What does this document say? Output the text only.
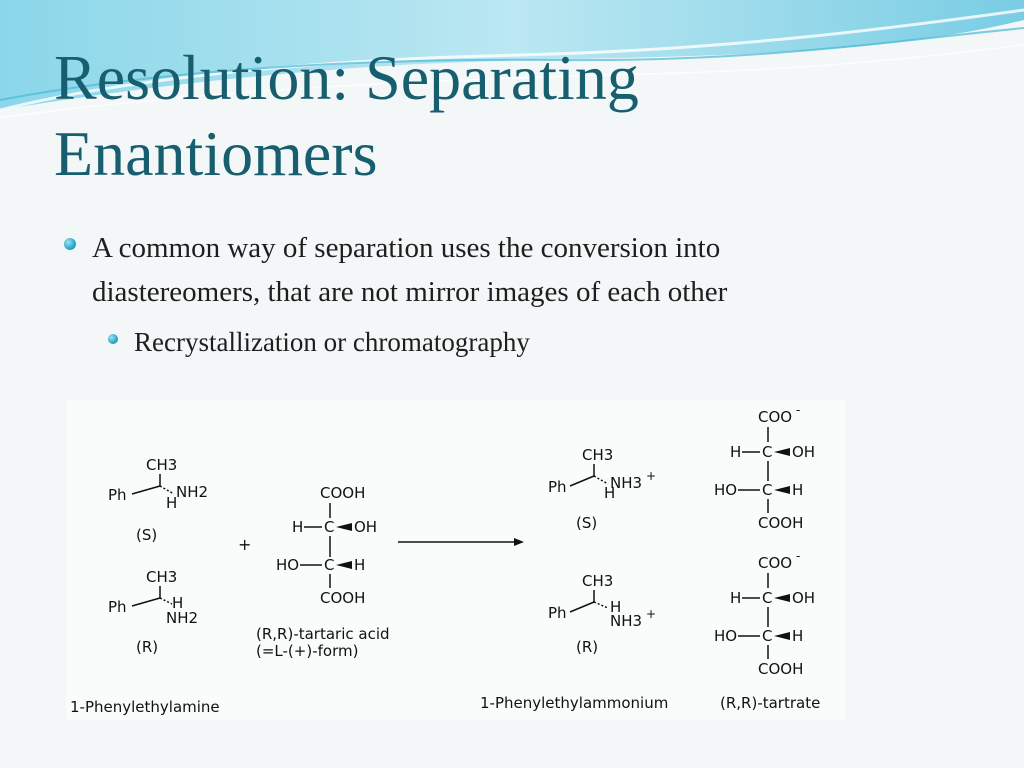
Resolution: Separating
Enantiomers
A common way of separation uses the conversion into
diastereomers, that are not mirror images of each other
Recrystallization or chromatography
CH3
Ph	NH2
H
(S)
CH3
Ph	H
NH2
(R)
+
COOH
H C OH
HO C H
COOH
(R,R)-tartaric acid
(=L-(+)-form)
CH3
Ph	NH3 +
H
(S)
CH3
Ph	H
NH3 +
(R)
COO -
H C OH
HO C H
COOH
COO -
H C OH
HO C H
COOH
1-Phenylethylamine	1-Phenylethylammonium	(R,R)-tartrate
